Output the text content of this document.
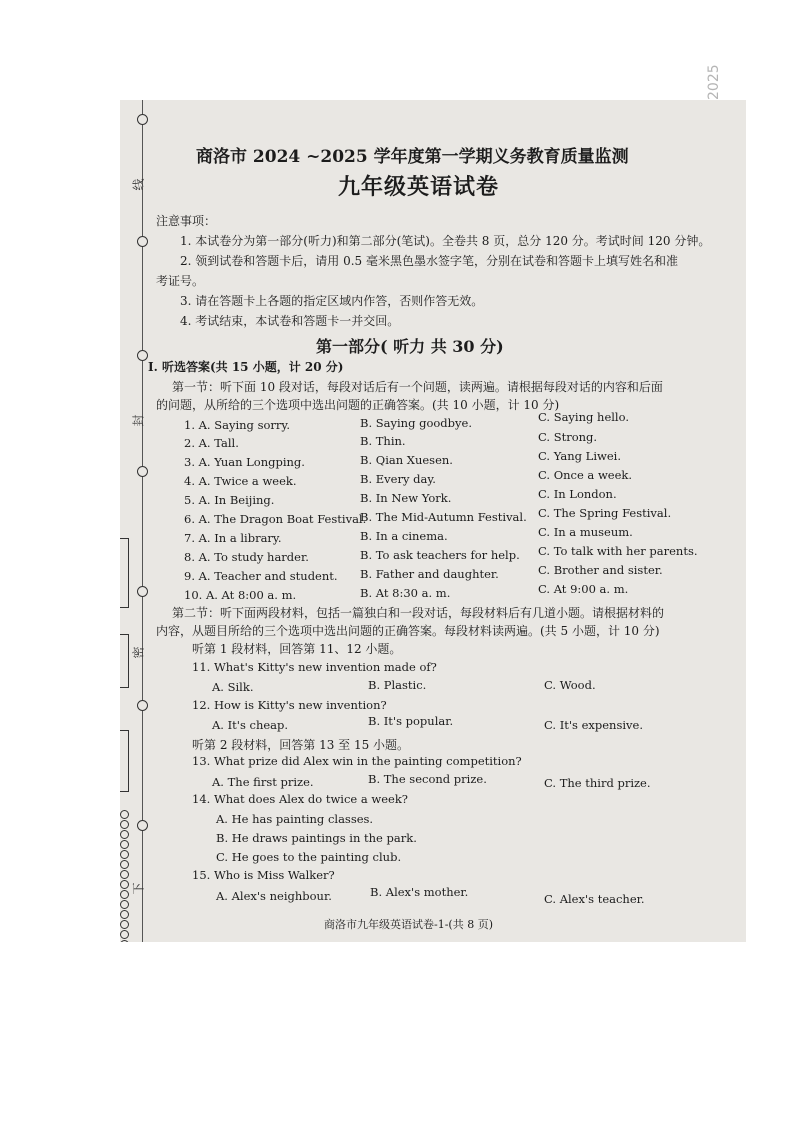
2025
线
封
密
下
商洛市 2024 ~2025 学年度第一学期义务教育质量监测
九年级英语试卷
注意事项：
1. 本试卷分为第一部分(听力)和第二部分(笔试)。全卷共 8 页，总分 120 分。考试时间 120 分钟。
2. 领到试卷和答题卡后，请用 0.5 毫米黑色墨水签字笔，分别在试卷和答题卡上填写姓名和准
考证号。
3. 请在答题卡上各题的指定区域内作答，否则作答无效。
4. 考试结束，本试卷和答题卡一并交回。
第一部分( 听力 共 30 分)
Ⅰ. 听选答案(共 15 小题，计 20 分)
第一节：听下面 10 段对话，每段对话后有一个问题，读两遍。请根据每段对话的内容和后面
的问题，从所给的三个选项中选出问题的正确答案。(共 10 小题，计 10 分)
1. A. Saying sorry.	B. Saying goodbye.	C. Saying hello.
2. A. Tall.	B. Thin.	C. Strong.
3. A. Yuan Longping.	B. Qian Xuesen.	C. Yang Liwei.
4. A. Twice a week.	B. Every day.	C. Once a week.
5. A. In Beijing.	B. In New York.	C. In London.
6. A. The Dragon Boat Festival.
B. The Mid-Autumn Festival. C. The Spring Festival.
7. A. In a library.	B. In a cinema.	C. In a museum.
8. A. To study harder.	B. To ask teachers for help. C. To talk with her parents.
9. A. Teacher and student. B. Father and daughter.	C. Brother and sister.
10. A. At 8:00 a. m.	B. At 8:30 a. m.	C. At 9:00 a. m.
第二节：听下面两段材料，包括一篇独白和一段对话，每段材料后有几道小题。请根据材料的
内容，从题目所给的三个选项中选出问题的正确答案。每段材料读两遍。(共 5 小题，计 10 分)
听第 1 段材料，回答第 11、12 小题。
11. What's Kitty's new invention made of?
A. Silk.	B. Plastic.	C. Wood.
12. How is Kitty's new invention?
A. It's cheap.	B. It's popular.	C. It's expensive.
听第 2 段材料，回答第 13 至 15 小题。
13. What prize did Alex win in the painting competition?
A. The first prize.	B. The second prize.	C. The third prize.
14. What does Alex do twice a week?
A. He has painting classes.
B. He draws paintings in the park.
C. He goes to the painting club.
15. Who is Miss Walker?
A. Alex's neighbour.	B. Alex's mother.	C. Alex's teacher.
商洛市九年级英语试卷-1-(共 8 页)
